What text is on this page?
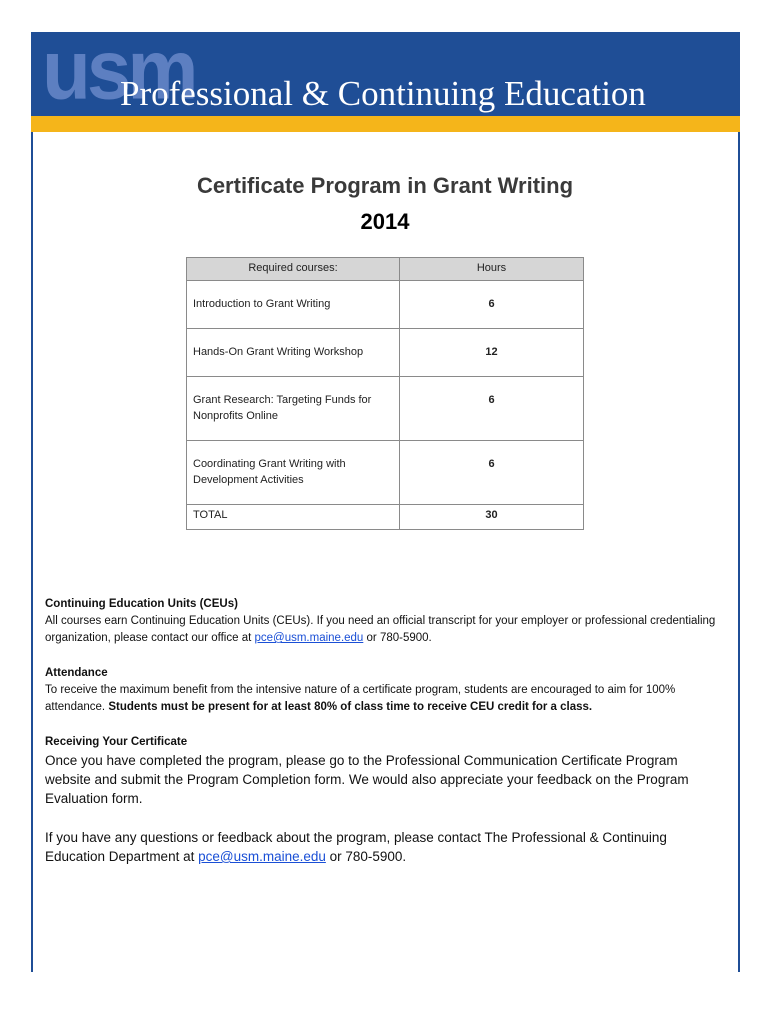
usm
Professional & Continuing Education
Certificate Program in Grant Writing
2014
Required courses:	Hours
Introduction to Grant Writing	6
Hands-On Grant Writing Workshop	12
Grant Research: Targeting Funds for Nonprofits Online	6
Coordinating Grant Writing with Development Activities	6
TOTAL	30
Continuing Education Units (CEUs)
All courses earn Continuing Education Units (CEUs). If you need an official transcript for your employer or professional credentialing organization, please contact our office at pce@usm.maine.edu or 780-5900.
Attendance
To receive the maximum benefit from the intensive nature of a certificate program, students are encouraged to aim for 100% attendance. Students must be present for at least 80% of class time to receive CEU credit for a class.
Receiving Your Certificate
Once you have completed the program, please go to the Professional Communication Certificate Program website and submit the Program Completion form. We would also appreciate your feedback on the Program Evaluation form.
If you have any questions or feedback about the program, please contact The Professional & Continuing Education Department at pce@usm.maine.edu or 780-5900.
